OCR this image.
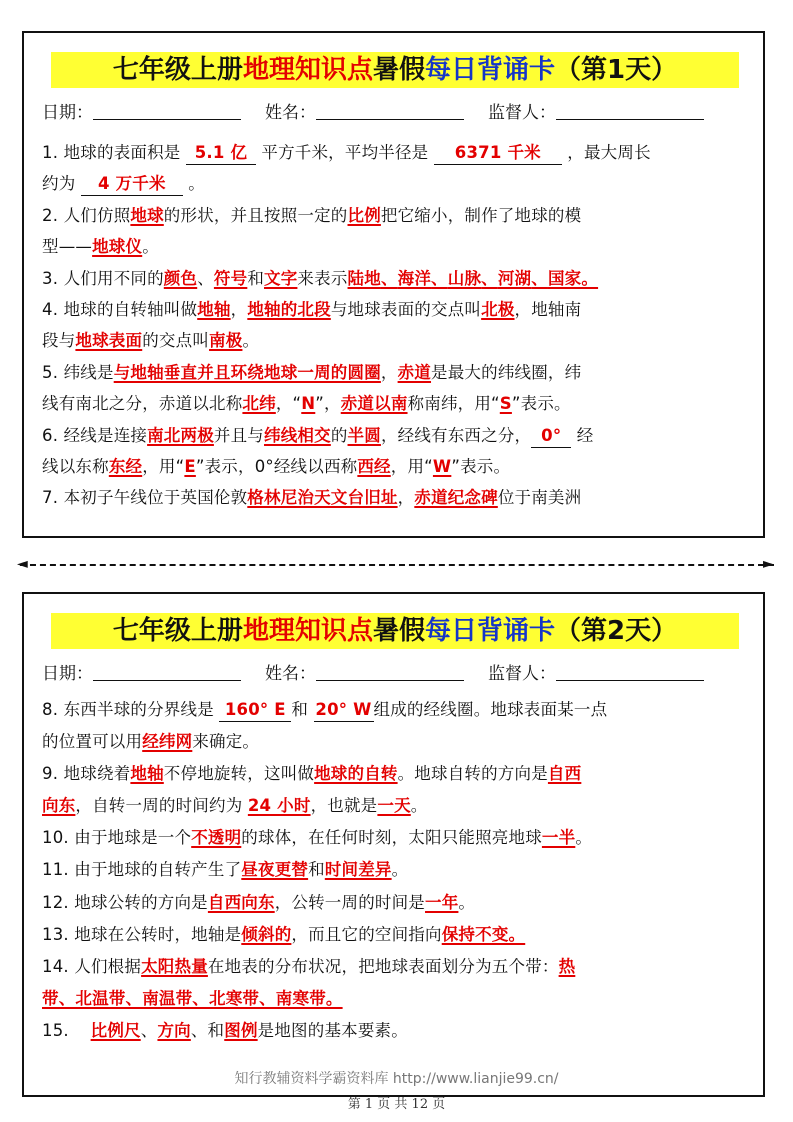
七年级上册地理知识点暑假每日背诵卡（第1天）
日期：	姓名：	监督人：
1. 地球的表面积是 5.1 亿 平方千米，平均半径是 6371 千米 ，最大周长
约为 4 万千米 。
2. 人们仿照地球的形状，并且按照一定的比例把它缩小，制作了地球的模
型——地球仪。
3. 人们用不同的颜色、符号和文字来表示陆地、海洋、山脉、河湖、国家。
4. 地球的自转轴叫做地轴，地轴的北段与地球表面的交点叫北极，地轴南
段与地球表面的交点叫南极。
5. 纬线是与地轴垂直并且环绕地球一周的圆圈，赤道是最大的纬线圈，纬
线有南北之分，赤道以北称北纬，“N”，赤道以南称南纬，用“S”表示。
6. 经线是连接南北两极并且与纬线相交的半圆，经线有东西之分， 0° 经
线以东称东经，用“E”表示，0°经线以西称西经，用“W”表示。
7. 本初子午线位于英国伦敦格林尼治天文台旧址，赤道纪念碑位于南美洲
◄	►
七年级上册地理知识点暑假每日背诵卡（第2天）
日期：	姓名：	监督人：
8. 东西半球的分界线是 160° E 和 20° W 组成的经线圈。地球表面某一点
的位置可以用经纬网来确定。
9. 地球绕着地轴不停地旋转，这叫做地球的自转。地球自转的方向是自西
向东，自转一周的时间约为 24 小时，也就是一天。
10. 由于地球是一个不透明的球体，在任何时刻，太阳只能照亮地球一半。
11. 由于地球的自转产生了昼夜更替和时间差异。
12. 地球公转的方向是自西向东，公转一周的时间是一年。
13. 地球在公转时，地轴是倾斜的，而且它的空间指向保持不变。
14. 人们根据太阳热量在地表的分布状况，把地球表面划分为五个带：热
带、北温带、南温带、北寒带、南寒带。
15.    比例尺、方向、和图例是地图的基本要素。
知行教辅资料学霸资料库 http://www.lianjie99.cn/
第 1 页 共 12 页
